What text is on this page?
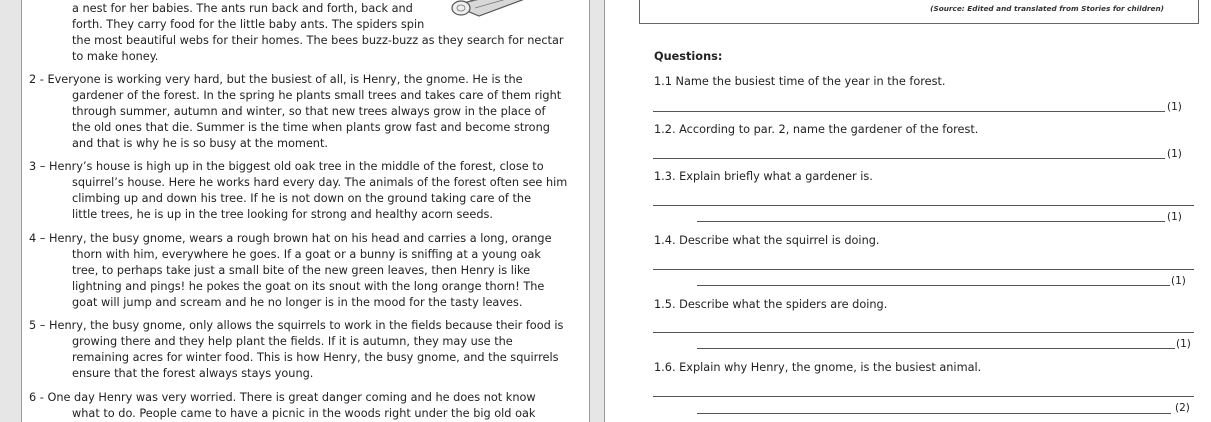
a nest for her babies. The ants run back and forth, back and
forth. They carry food for the little baby ants. The spiders spin
the most beautiful webs for their homes. The bees buzz-buzz as they search for nectar
to make honey.
2 - Everyone is working very hard, but the busiest of all, is Henry, the gnome. He is the
gardener of the forest. In the spring he plants small trees and takes care of them right
through summer, autumn and winter, so that new trees always grow in the place of
the old ones that die. Summer is the time when plants grow fast and become strong
and that is why he is so busy at the moment.
3 – Henry’s house is high up in the biggest old oak tree in the middle of the forest, close to
squirrel’s house. Here he works hard every day. The animals of the forest often see him
climbing up and down his tree. If he is not down on the ground taking care of the
little trees, he is up in the tree looking for strong and healthy acorn seeds.
4 – Henry, the busy gnome, wears a rough brown hat on his head and carries a long, orange
thorn with him, everywhere he goes. If a goat or a bunny is sniffing at a young oak
tree, to perhaps take just a small bite of the new green leaves, then Henry is like
lightning and pings! he pokes the goat on its snout with the long orange thorn! The
goat will jump and scream and he no longer is in the mood for the tasty leaves.
5 – Henry, the busy gnome, only allows the squirrels to work in the fields because their food is
growing there and they help plant the fields. If it is autumn, they may use the
remaining acres for winter food. This is how Henry, the busy gnome, and the squirrels
ensure that the forest always stays young.
6 - One day Henry was very worried. There is great danger coming and he does not know
what to do. People came to have a picnic in the woods right under the big old oak
(Source: Edited and translated from Stories for children)
Questions:
1.1 Name the busiest time of the year in the forest.
(1)
1.2. According to par. 2, name the gardener of the forest.
(1)
1.3. Explain briefly what a gardener is.
(1)
1.4. Describe what the squirrel is doing.
(1)
1.5. Describe what the spiders are doing.
(1)
1.6. Explain why Henry, the gnome, is the busiest animal.
(2)
